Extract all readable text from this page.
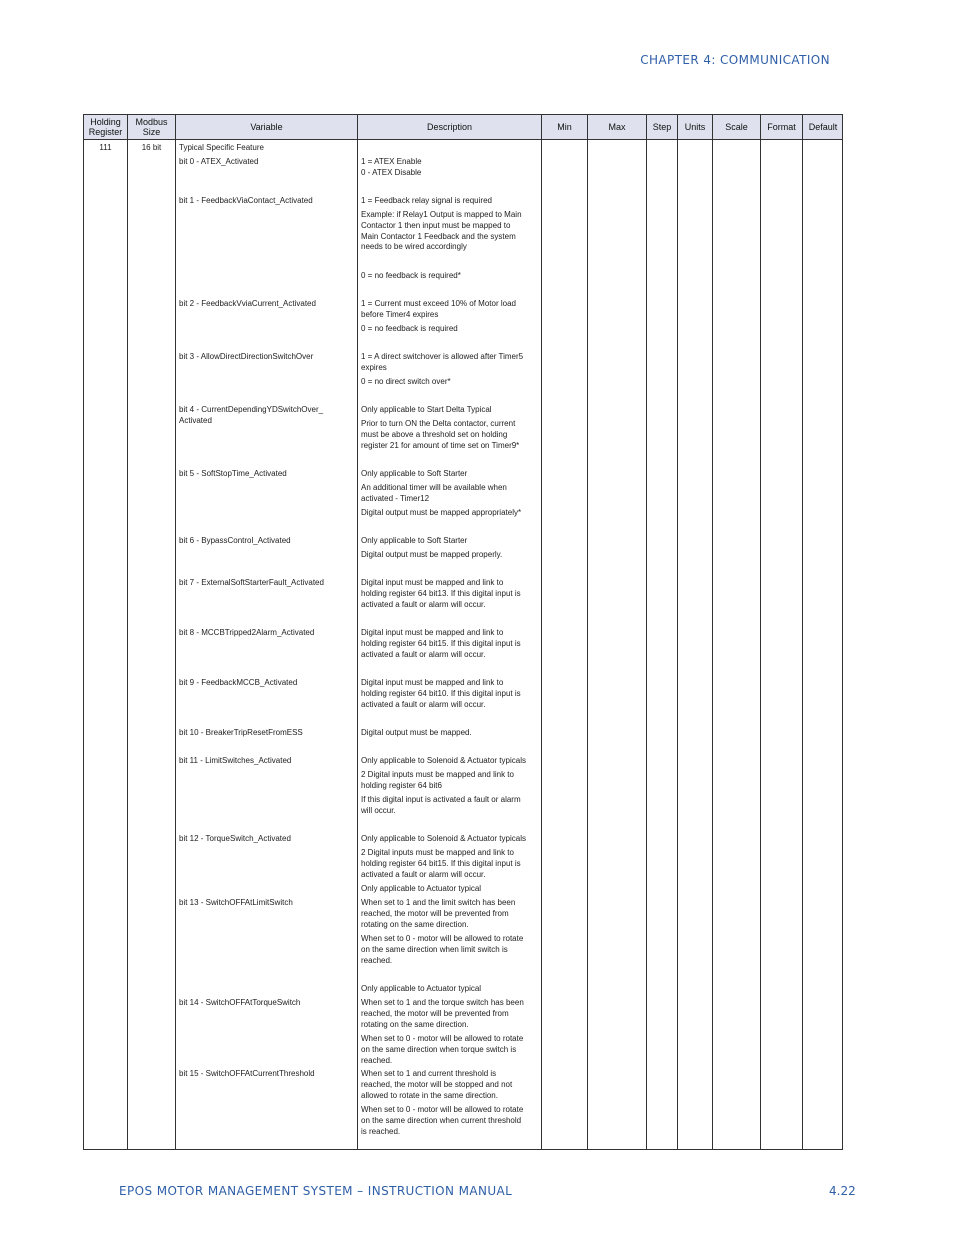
CHAPTER 4: COMMUNICATION
Holding Register
Modbus Size	Variable	Description	Min	Max	Step	Units	Scale	Format	Default
111	16 bit	Typical Specific Feature
bit 0 - ATEX_Activated	1 = ATEX Enable
0 - ATEX Disable
bit 1 - FeedbackViaContact_Activated	1 = Feedback relay signal is required
Example: if Relay1 Output is mapped to Main
Contactor 1 then input must be mapped to
Main Contactor 1 Feedback and the system
needs to be wired accordingly
0 = no feedback is required*
bit 2 - FeedbackVviaCurrent_Activated	1 = Current must exceed 10% of Motor load
before Timer4 expires
0 = no feedback is required
bit 3 - AllowDirectDirectionSwitchOver	1 = A direct switchover is allowed after Timer5
expires
0 = no direct switch over*
bit 4 - CurrentDependingYDSwitchOver_
Activated
Only applicable to Start Delta Typical
Prior to turn ON the Delta contactor, current
must be above a threshold set on holding
register 21 for amount of time set on Timer9*
bit 5 - SoftStopTime_Activated	Only applicable to Soft Starter
An additional timer will be available when
activated - Timer12
Digital output must be mapped appropriately*
bit 6 - BypassControl_Activated	Only applicable to Soft Starter
Digital output must be mapped properly.
bit 7 - ExternalSoftStarterFault_Activated	Digital input must be mapped and link to
holding register 64 bit13. If this digital input is
activated a fault or alarm will occur.
bit 8 - MCCBTripped2Alarm_Activated	Digital input must be mapped and link to
holding register 64 bit15. If this digital input is
activated a fault or alarm will occur.
bit 9 - FeedbackMCCB_Activated	Digital input must be mapped and link to
holding register 64 bit10. If this digital input is
activated a fault or alarm will occur.
bit 10 - BreakerTripResetFromESS	Digital output must be mapped.
bit 11 - LimitSwitches_Activated	Only applicable to Solenoid & Actuator typicals
2 Digital inputs must be mapped and link to
holding register 64 bit6
If this digital input is activated a fault or alarm
will occur.
bit 12 - TorqueSwitch_Activated	Only applicable to Solenoid & Actuator typicals
2 Digital inputs must be mapped and link to
holding register 64 bit15. If this digital input is
activated a fault or alarm will occur.
Only applicable to Actuator typical
bit 13 - SwitchOFFAtLimitSwitch	When set to 1 and the limit switch has been
reached, the motor will be prevented from
rotating on the same direction.
When set to 0 - motor will be allowed to rotate
on the same direction when limit switch is
reached.
Only applicable to Actuator typical
bit 14 - SwitchOFFAtTorqueSwitch	When set to 1 and the torque switch has been
reached, the motor will be prevented from
rotating on the same direction.
When set to 0 - motor will be allowed to rotate
on the same direction when torque switch is
reached.
bit 15 - SwitchOFFAtCurrentThreshold	When set to 1 and current threshold is
reached, the motor will be stopped and not
allowed to rotate in the same direction.
When set to 0 - motor will be allowed to rotate
on the same direction when current threshold
is reached.
EPOS MOTOR MANAGEMENT SYSTEM – INSTRUCTION MANUAL	4.22
